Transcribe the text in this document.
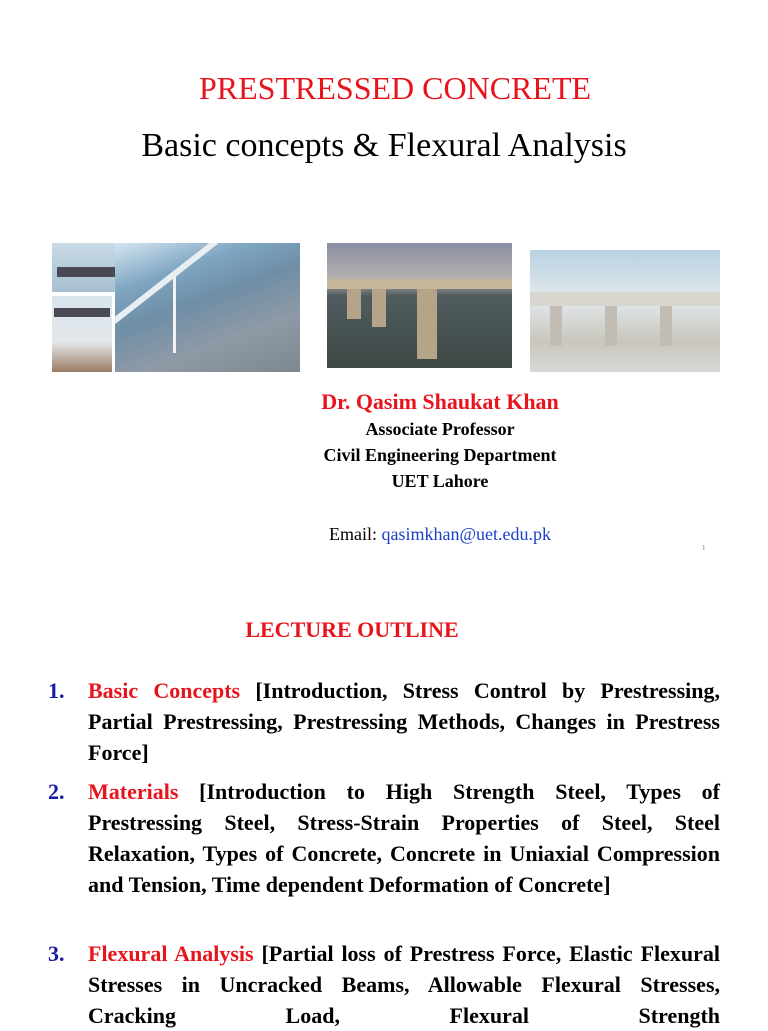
PRESTRESSED CONCRETE
Basic concepts & Flexural Analysis
Dr. Qasim Shaukat Khan
Associate Professor
Civil Engineering Department
UET Lahore
Email: qasimkhan@uet.edu.pk
1
LECTURE OUTLINE
1. Basic Concepts [Introduction, Stress Control by Prestressing, Partial Prestressing, Prestressing Methods, Changes in Prestress Force]
2. Materials [Introduction to High Strength Steel, Types of Prestressing Steel, Stress-Strain Properties of Steel, Steel Relaxation, Types of Concrete, Concrete in Uniaxial Compression and Tension, Time dependent Deformation of Concrete]
3. Flexural Analysis [Partial loss of Prestress Force, Elastic Flexural Stresses in Uncracked Beams, Allowable Flexural Stresses, Cracking Load, Flexural Strength
